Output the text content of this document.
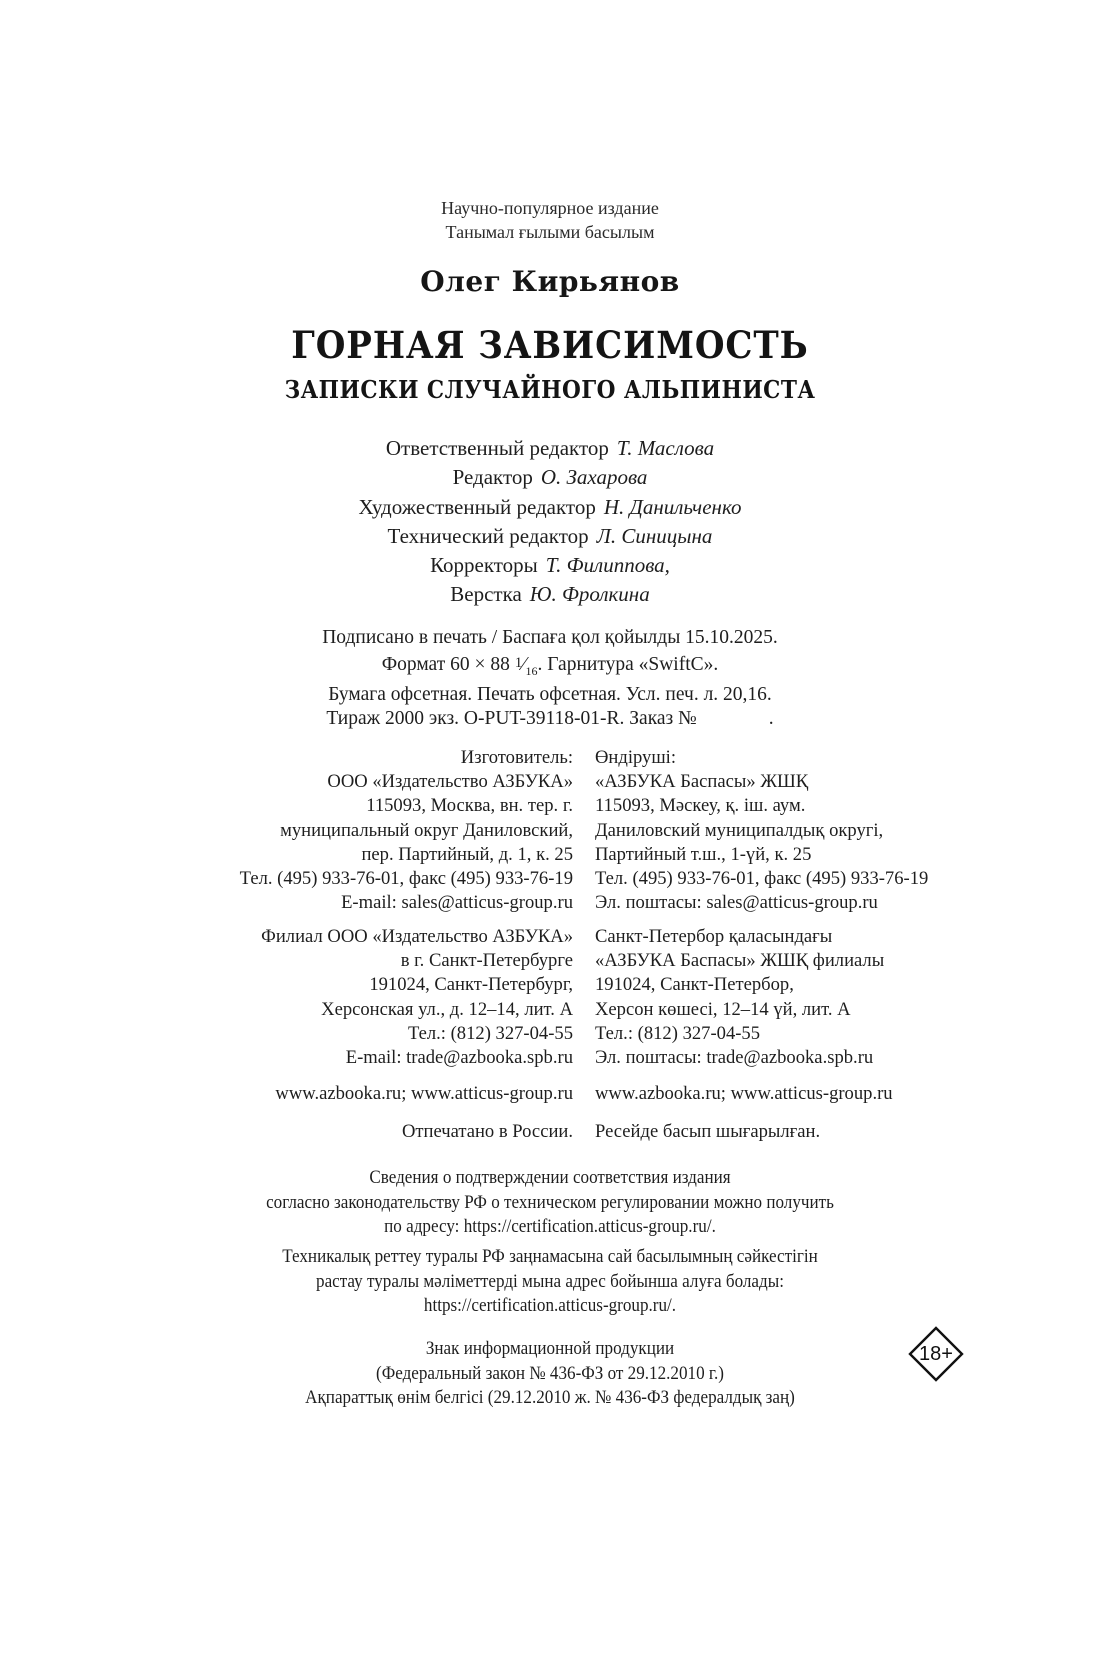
Научно-популярное издание
Танымал ғылыми басылым
Олег Кирьянов
ГОРНАЯ ЗАВИСИМОСТЬ
ЗАПИСКИ СЛУЧАЙНОГО АЛЬПИНИСТА
Ответственный редактор Т. Маслова
Редактор О. Захарова
Художественный редактор Н. Данильченко
Технический редактор Л. Синицына
Корректоры Т. Филиппова,
Верстка Ю. Фролкина
Подписано в печать / Баспаға қол қойылды 15.10.2025.
Формат 60 × 88 $1⁄_{16}$. Гарнитура «SwiftC».
Бумага офсетная. Печать офсетная. Усл. печ. л. 20,16.
Тираж 2000 экз. O-PUT-39118-01-R. Заказ №	.
Изготовитель:
ООО «Издательство АЗБУКА»
115093, Москва, вн. тер. г.
муниципальный округ Даниловский,
пер. Партийный, д. 1, к. 25
Тел. (495) 933-76-01, факс (495) 933-76-19
E-mail: sales@atticus-group.ru
Өндіруші:
«АЗБУКА Баспасы» ЖШҚ
115093, Мәскеу, қ. іш. аум.
Даниловский муниципалдық округі,
Партийный т.ш., 1-үй, к. 25
Тел. (495) 933-76-01, факс (495) 933-76-19
Эл. поштасы: sales@atticus-group.ru
Филиал ООО «Издательство АЗБУКА»
в г. Санкт-Петербурге
191024, Санкт-Петербург,
Херсонская ул., д. 12–14, лит. А
Тел.: (812) 327-04-55
E-mail: trade@azbooka.spb.ru
Санкт-Петербор қаласындағы
«АЗБУКА Баспасы» ЖШҚ филиалы
191024, Санкт-Петербор,
Херсон көшесі, 12–14 үй, лит. А
Тел.: (812) 327-04-55
Эл. поштасы: trade@azbooka.spb.ru
www.azbooka.ru; www.atticus-group.ru www.azbooka.ru; www.atticus-group.ru
Отпечатано в России. Ресейде басып шығарылған.
Сведения о подтверждении соответствия издания
согласно законодательству РФ о техническом регулировании можно получить
по адресу: https://certification.atticus-group.ru/.
Техникалық реттеу туралы РФ заңнамасына сай басылымның сәйкестігін
растау туралы мәліметтерді мына адрес бойынша алуға болады:
https://certification.atticus-group.ru/.
Знак информационной продукции
(Федеральный закон № 436-ФЗ от 29.12.2010 г.)
Ақпараттық өнім белгісі (29.12.2010 ж. № 436-ФЗ федералдық заң)
18+
